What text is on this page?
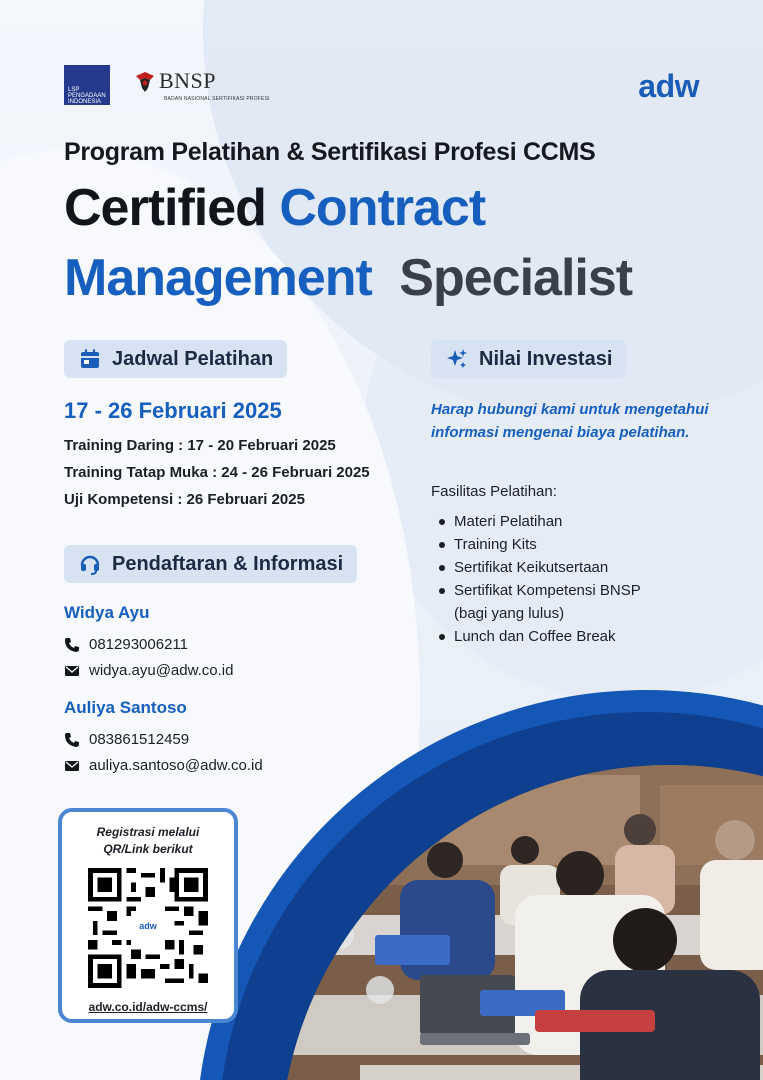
LSP PENGADAAN INDONESIA
BNSP
BADAN NASIONAL SERTIFIKASI PROFESI	adw
Program Pelatihan & Sertifikasi Profesi CCMS
Certified Contract
Management Specialist
Jadwal Pelatihan
17 - 26 Februari 2025
Training Daring : 17 - 20 Februari 2025
Training Tatap Muka : 24 - 26 Februari 2025
Uji Kompetensi : 26 Februari 2025
Nilai Investasi
Harap hubungi kami untuk mengetahui informasi mengenai biaya pelatihan.
Fasilitas Pelatihan:
Materi Pelatihan
Training Kits
Sertifikat Keikutsertaan
Sertifikat Kompetensi BNSP (bagi yang lulus)
Lunch dan Coffee Break
Pendaftaran & Informasi
Widya Ayu
081293006211
widya.ayu@adw.co.id
Auliya Santoso
083861512459
auliya.santoso@adw.co.id
Registrasi melalui QR/Link berikut
adw
adw.co.id/adw-ccms/
